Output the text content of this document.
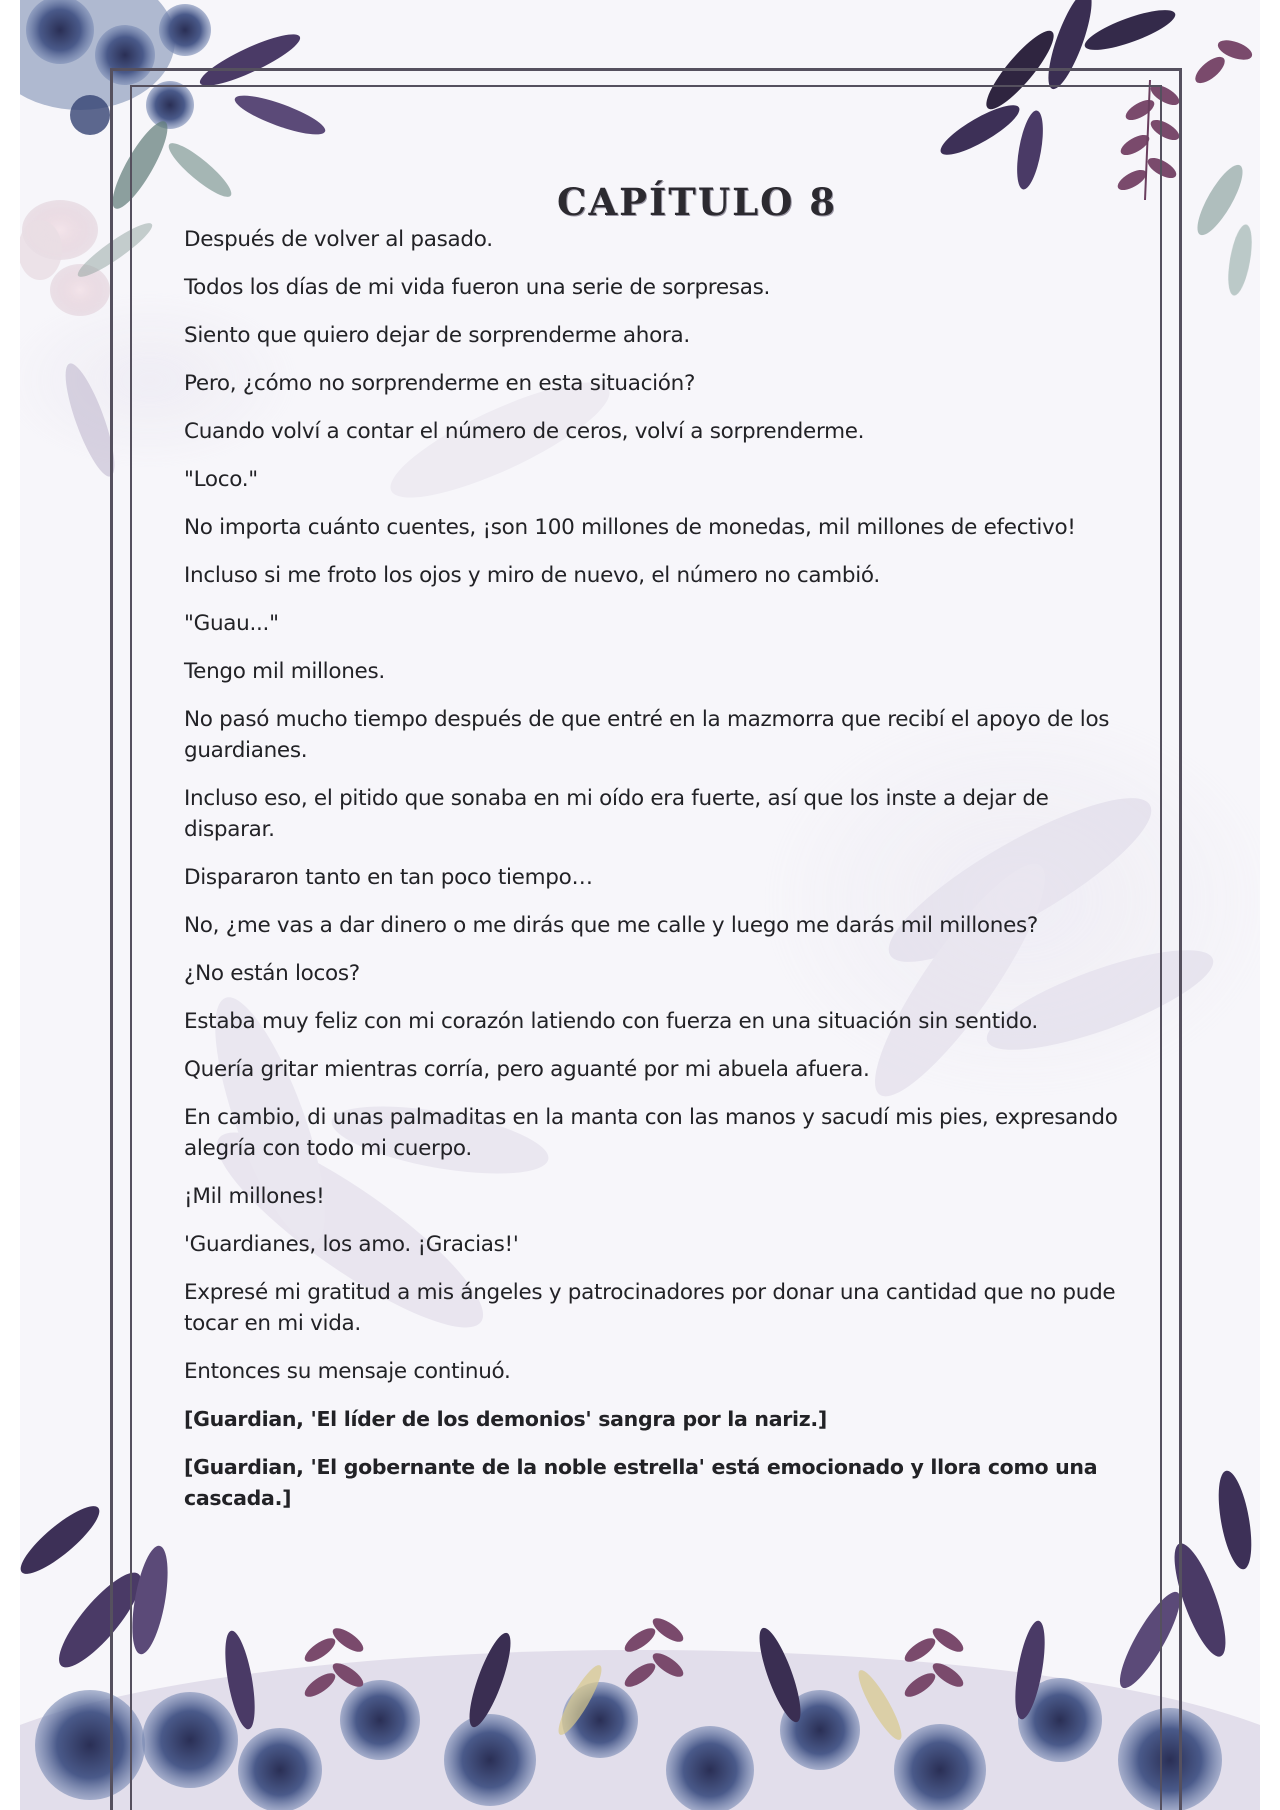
CAPÍTULO 8

Después de volver al pasado.

Todos los días de mi vida fueron una serie de sorpresas.

Siento que quiero dejar de sorprenderme ahora.

Pero, ¿cómo no sorprenderme en esta situación?

Cuando volví a contar el número de ceros, volví a sorprenderme.

"Loco."

No importa cuánto cuentes, ¡son 100 millones de monedas, mil millones de efectivo!

Incluso si me froto los ojos y miro de nuevo, el número no cambió.

"Guau..."

Tengo mil millones.

No pasó mucho tiempo después de que entré en la mazmorra que recibí el apoyo de los guardianes.

Incluso eso, el pitido que sonaba en mi oído era fuerte, así que los inste a dejar de disparar.

Dispararon tanto en tan poco tiempo…

No, ¿me vas a dar dinero o me dirás que me calle y luego me darás mil millones?

¿No están locos?

Estaba muy feliz con mi corazón latiendo con fuerza en una situación sin sentido.

Quería gritar mientras corría, pero aguanté por mi abuela afuera.

En cambio, di unas palmaditas en la manta con las manos y sacudí mis pies, expresando alegría con todo mi cuerpo.

¡Mil millones!

'Guardianes, los amo. ¡Gracias!'

Expresé mi gratitud a mis ángeles y patrocinadores por donar una cantidad que no pude tocar en mi vida.

Entonces su mensaje continuó.

[Guardian, 'El líder de los demonios' sangra por la nariz.]

[Guardian, 'El gobernante de la noble estrella' está emocionado y llora como una cascada.]
